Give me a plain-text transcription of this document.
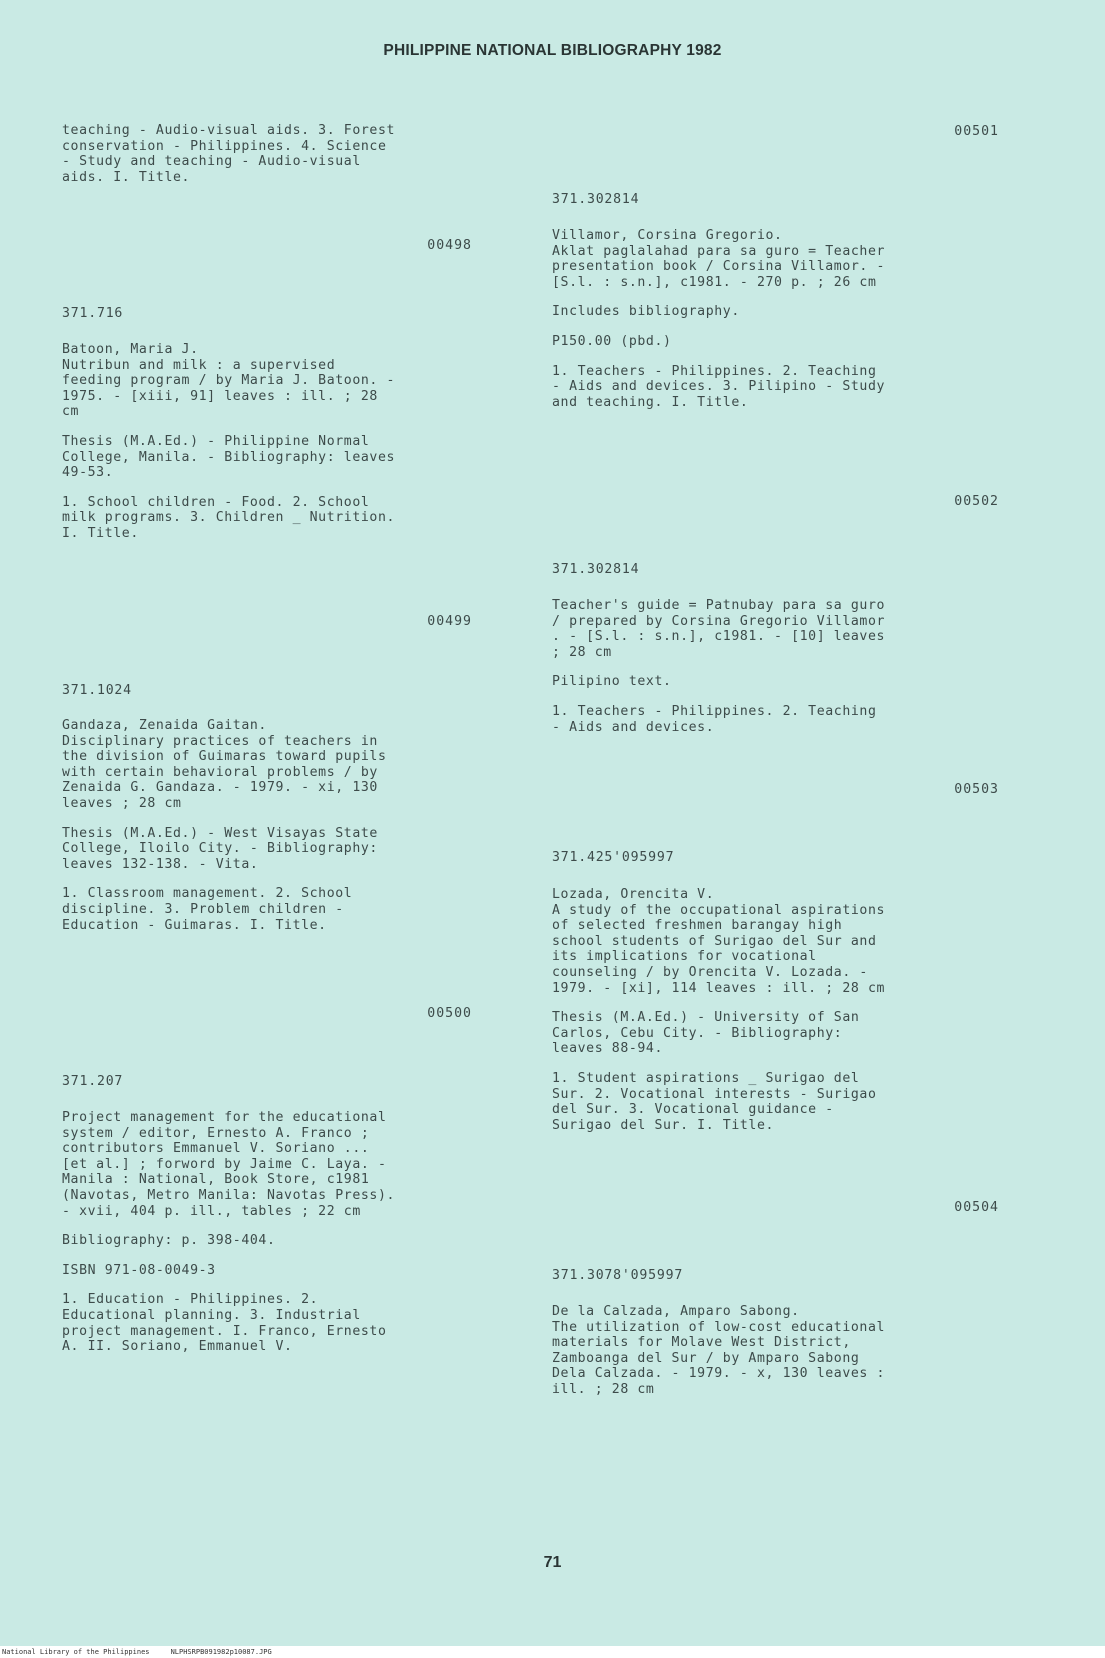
PHILIPPINE NATIONAL BIBLIOGRAPHY 1982
teaching - Audio-visual aids. 3. Forest
conservation - Philippines. 4. Science
- Study and teaching - Audio-visual
aids. I. Title.
00498
371.716
Batoon, Maria J.
Nutribun and milk : a supervised
feeding program / by Maria J. Batoon. -
1975. - [xiii, 91] leaves : ill. ; 28
cm
Thesis (M.A.Ed.) - Philippine Normal
College, Manila. - Bibliography: leaves
49-53.
1. School children - Food. 2. School
milk programs. 3. Children _ Nutrition.
I. Title.
00499
371.1024
Gandaza, Zenaida Gaitan.
Disciplinary practices of teachers in
the division of Guimaras toward pupils
with certain behavioral problems / by
Zenaida G. Gandaza. - 1979. - xi, 130
leaves ; 28 cm
Thesis (M.A.Ed.) - West Visayas State
College, Iloilo City. - Bibliography:
leaves 132-138. - Vita.
1. Classroom management. 2. School
discipline. 3. Problem children -
Education - Guimaras. I. Title.
00500
371.207
Project management for the educational
system / editor, Ernesto A. Franco ;
contributors Emmanuel V. Soriano ...
[et al.] ; forword by Jaime C. Laya. -
Manila : National, Book Store, c1981
(Navotas, Metro Manila: Navotas Press).
- xvii, 404 p. ill., tables ; 22 cm
Bibliography: p. 398-404.
ISBN 971-08-0049-3
1. Education - Philippines. 2.
Educational planning. 3. Industrial
project management. I. Franco, Ernesto
A. II. Soriano, Emmanuel V.
00501
371.302814
Villamor, Corsina Gregorio.
Aklat paglalahad para sa guro = Teacher
presentation book / Corsina Villamor. -
[S.l. : s.n.], c1981. - 270 p. ; 26 cm
Includes bibliography.
P150.00 (pbd.)
1. Teachers - Philippines. 2. Teaching
- Aids and devices. 3. Pilipino - Study
and teaching. I. Title.
00502
371.302814
Teacher's guide = Patnubay para sa guro
/ prepared by Corsina Gregorio Villamor
. - [S.l. : s.n.], c1981. - [10] leaves
; 28 cm
Pilipino text.
1. Teachers - Philippines. 2. Teaching
- Aids and devices.
00503
371.425'095997
Lozada, Orencita V.
A study of the occupational aspirations
of selected freshmen barangay high
school students of Surigao del Sur and
its implications for vocational
counseling / by Orencita V. Lozada. -
1979. - [xi], 114 leaves : ill. ; 28 cm
Thesis (M.A.Ed.) - University of San
Carlos, Cebu City. - Bibliography:
leaves 88-94.
1. Student aspirations _ Surigao del
Sur. 2. Vocational interests - Surigao
del Sur. 3. Vocational guidance -
Surigao del Sur. I. Title.
00504
371.3078'095997
De la Calzada, Amparo Sabong.
The utilization of low-cost educational
materials for Molave West District,
Zamboanga del Sur / by Amparo Sabong
Dela Calzada. - 1979. - x, 130 leaves :
ill. ; 28 cm
71
National Library of the Philippines     NLPHSRPB091982p10087.JPG
